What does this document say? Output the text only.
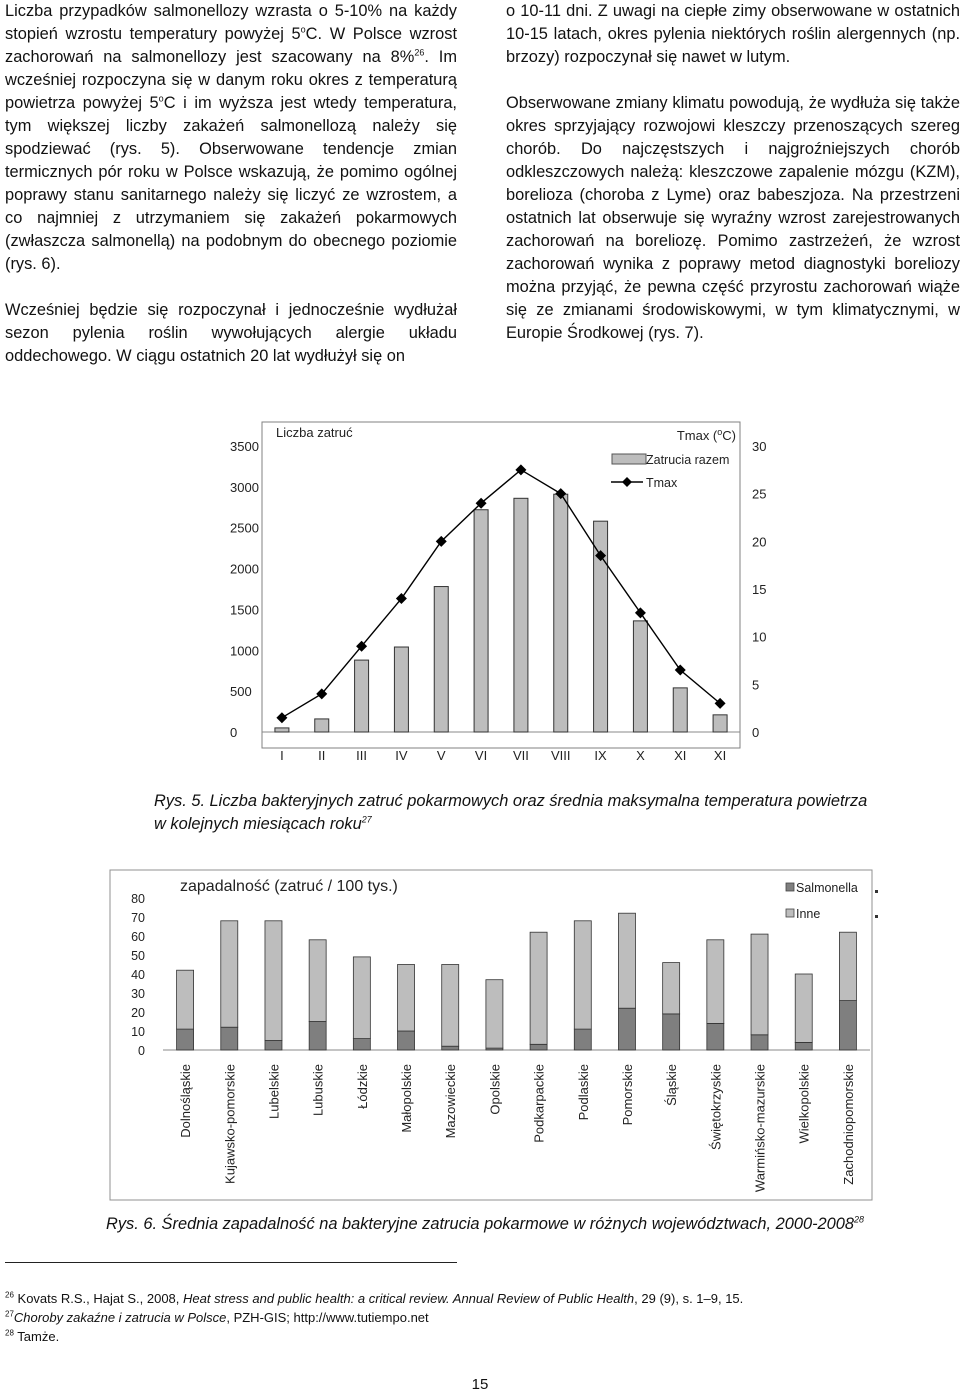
Liczba przypadków salmonellozy wzrasta o 5-10% na każdy stopień wzrostu temperatury powyżej 5$^o$C. W Polsce wzrost zachorowań na salmonellozy jest szacowany na 8%$^{26}$. Im wcześniej rozpoczyna się w danym roku okres z temperaturą powietrza powyżej 5$^o$C i im wyższa jest wtedy temperatura, tym większej liczby zakażeń salmonellozą należy się spodziewać (rys. 5). Obserwowane tendencje zmian termicznych pór roku w Polsce wskazują, że pomimo ogólnej poprawy stanu sanitarnego należy się liczyć ze wzrostem, a co najmniej z utrzymaniem się zakażeń pokarmowych (zwłaszcza salmonellą) na podobnym do obecnego poziomie (rys. 6).

Wcześniej będzie się rozpoczynał i jednocześnie wydłużał sezon pylenia roślin wywołujących alergie układu oddechowego. W ciągu ostatnich 20 lat wydłużył się on

o 10-11 dni. Z uwagi na ciepłe zimy obserwowane w ostatnich 10-15 latach, okres pylenia niektórych roślin alergennych (np. brzozy) rozpoczynał się nawet w lutym.

Obserwowane zmiany klimatu powodują, że wydłuża się także okres sprzyjający rozwojowi kleszczy przenoszących szereg chorób. Do najczęstszych i najgroźniejszych chorób odkleszczowych należą: kleszczowe zapalenie mózgu (KZM), borelioza (choroba z Lyme) oraz babeszjoza. Na przestrzeni ostatnich lat obserwuje się wyraźny wzrost zarejestrowanych zachorowań na boreliozę. Pomimo zastrzeżeń, że wzrost zachorowań wynika z poprawy metod diagnostyki boreliozy można przyjąć, że pewna część przyrostu zachorowań wiąże się ze zmianami środowiskowymi, w tym klimatycznymi, w Europie Środkowej (rys. 7).

Liczba zatruć	Tmax ($^o$C)
Zatrucia razem
Tmax
0
500
1000
1500
2000
2500
3000
3500
0
5
10
15
20
25
30
I	II III IV V VI VII VIII IX X XI XI
Rys. 5. Liczba bakteryjnych zatruć pokarmowych oraz średnia maksymalna temperatura powietrza w kolejnych miesiącach roku$^{27}$
zapadalność (zatruć / 100 tys.)	Salmonella
Inne
0
10
20
30
40
50
60
70
80
Dolnośląskie Kujawsko-pomorskie Lubelskie Lubuskie Łódzkie Małopolskie Mazowieckie Opolskie Podkarpackie Podlaskie Pomorskie Śląskie Świętokrzyskie Warmińsko-mazurskie Wielkopolskie Zachodniopomorskie
Rys. 6. Średnia zapadalność na bakteryjne zatrucia pokarmowe w różnych województwach, 2000-2008$^{28}$
$^{26}$ Kovats R.S., Hajat S., 2008, Heat stress and public health: a critical review. Annual Review of Public Health, 29 (9), s. 1–9, 15.
$^{27}$Choroby zakaźne i zatrucia w Polsce, PZH-GIS; http://www.tutiempo.net
$^{28}$ Tamże.
15
